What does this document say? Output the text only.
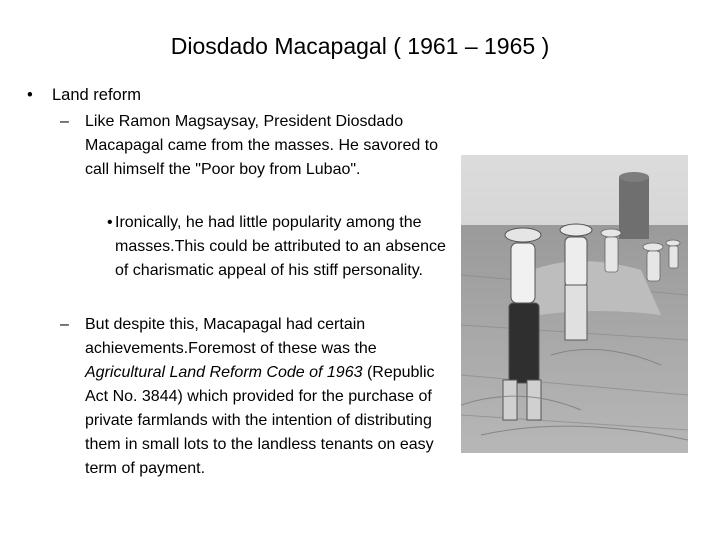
Diosdado Macapagal ( 1961 – 1965 )
• Land reform
– Like Ramon Magsaysay, President Diosdado Macapagal came from the masses. He savored to call himself the "Poor boy from Lubao".
• Ironically, he had little popularity among the masses.This could be attributed to an absence of charismatic appeal of his stiff personality.
– But despite this, Macapagal had certain achievements.Foremost of these was the Agricultural Land Reform Code of 1963 (Republic Act No. 3844) which provided for the purchase of private farmlands with the intention of distributing them in small lots to the landless tenants on easy term of payment.
